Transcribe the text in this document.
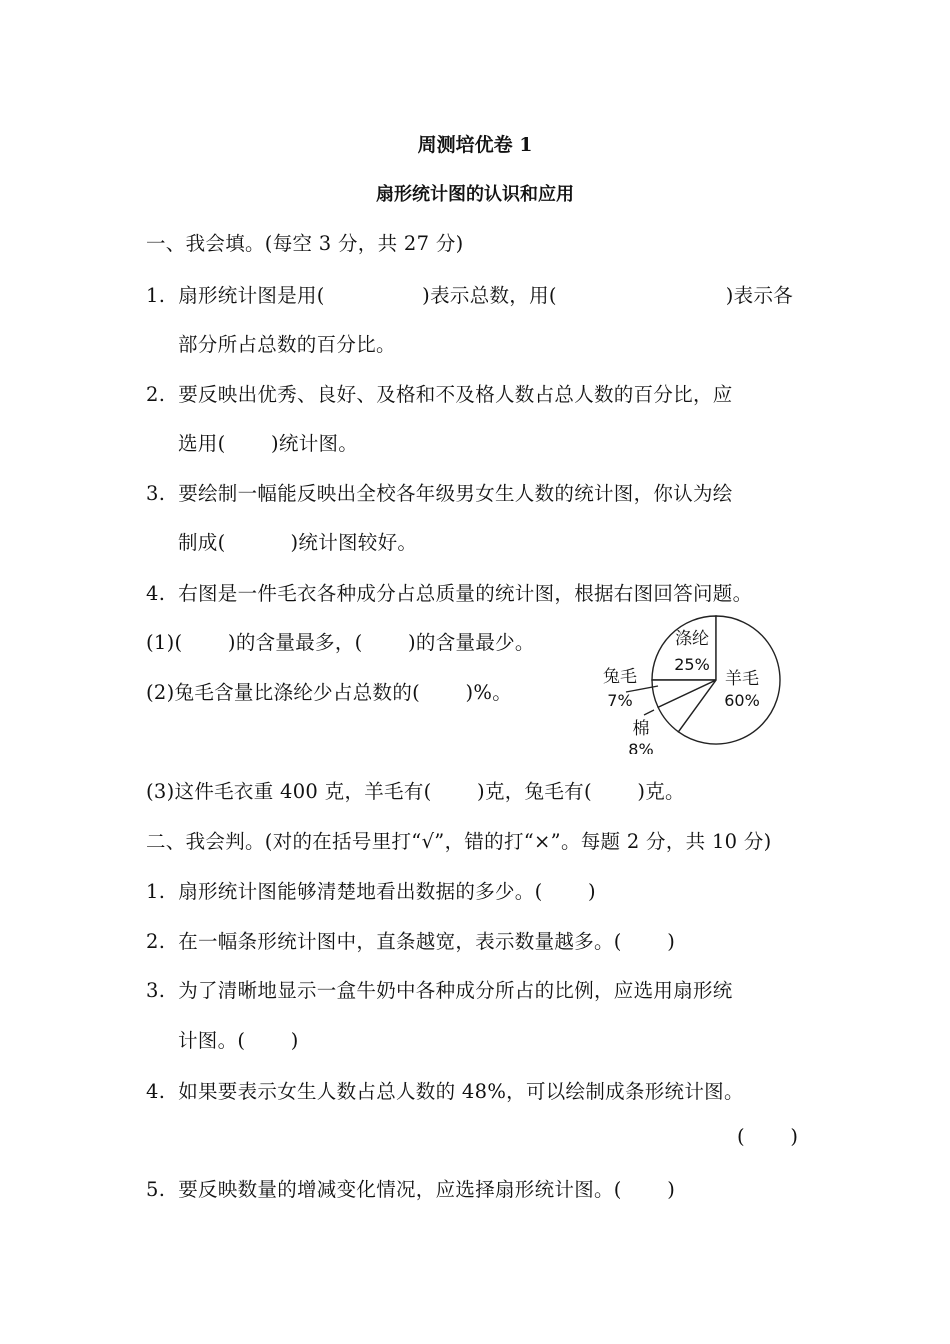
周测培优卷 1
扇形统计图的认识和应用
一、我会填。(每空 3 分，共 27 分)
1.  扇形统计图是用(               )表示总数，用(                          )表示各
部分所占总数的百分比。
2.  要反映出优秀、良好、及格和不及格人数占总人数的百分比，应
选用(       )统计图。
3.  要绘制一幅能反映出全校各年级男女生人数的统计图，你认为绘
制成(          )统计图较好。
4.  右图是一件毛衣各种成分占总质量的统计图，根据右图回答问题。
(1)(       )的含量最多，(       )的含量最少。
(2)兔毛含量比涤纶少占总数的(       )%。
涤纶
25%
羊毛
60%
兔毛
7%
棉
8%
(3)这件毛衣重 400 克，羊毛有(       )克，兔毛有(       )克。
二、我会判。(对的在括号里打“√”，错的打“×”。每题 2 分，共 10 分)
1.  扇形统计图能够清楚地看出数据的多少。(       )
2.  在一幅条形统计图中，直条越宽，表示数量越多。(       )
3.  为了清晰地显示一盒牛奶中各种成分所占的比例，应选用扇形统
计图。(       )
4.  如果要表示女生人数占总人数的 48%，可以绘制成条形统计图。
(       )
5.  要反映数量的增减变化情况，应选择扇形统计图。(       )
